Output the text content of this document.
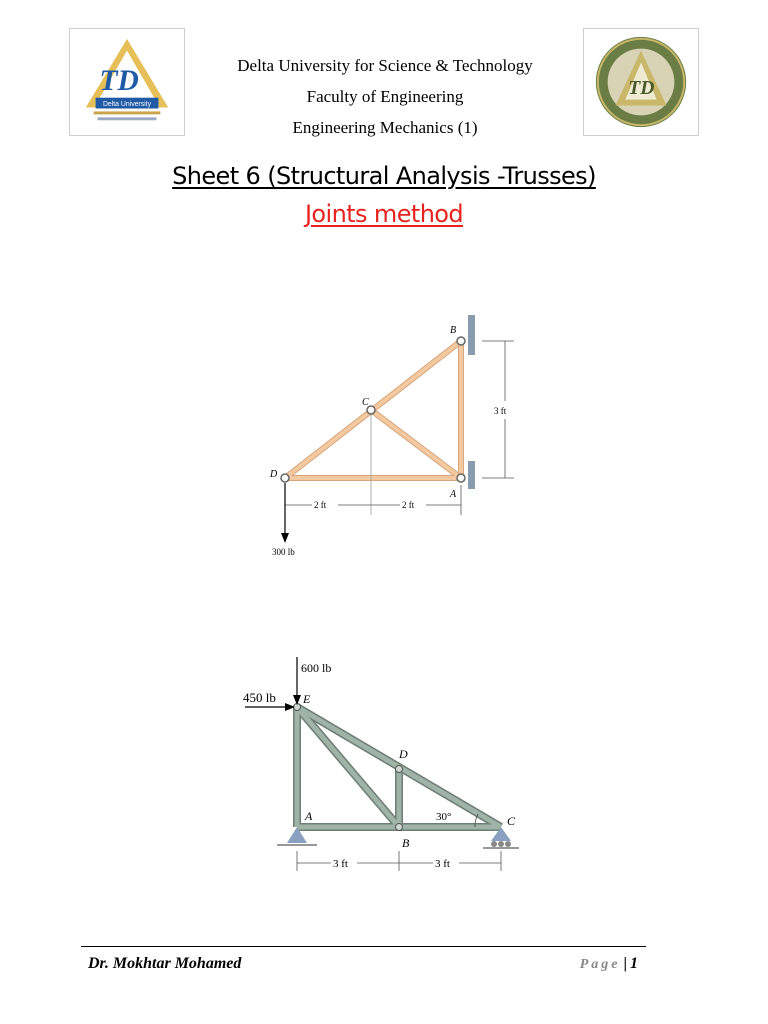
TD
Delta University
Delta University for Science & Technology
Faculty of Engineering
Engineering Mechanics (1)
TD
Sheet 6 (Structural Analysis -Trusses)
Joints method
B
C
D
A
3 ft
2 ft	2 ft
300 lb
600 lb
450 lb E
D
A
B
C
30°
3 ft	3 ft
Dr. Mokhtar Mohamed	Page | 1
